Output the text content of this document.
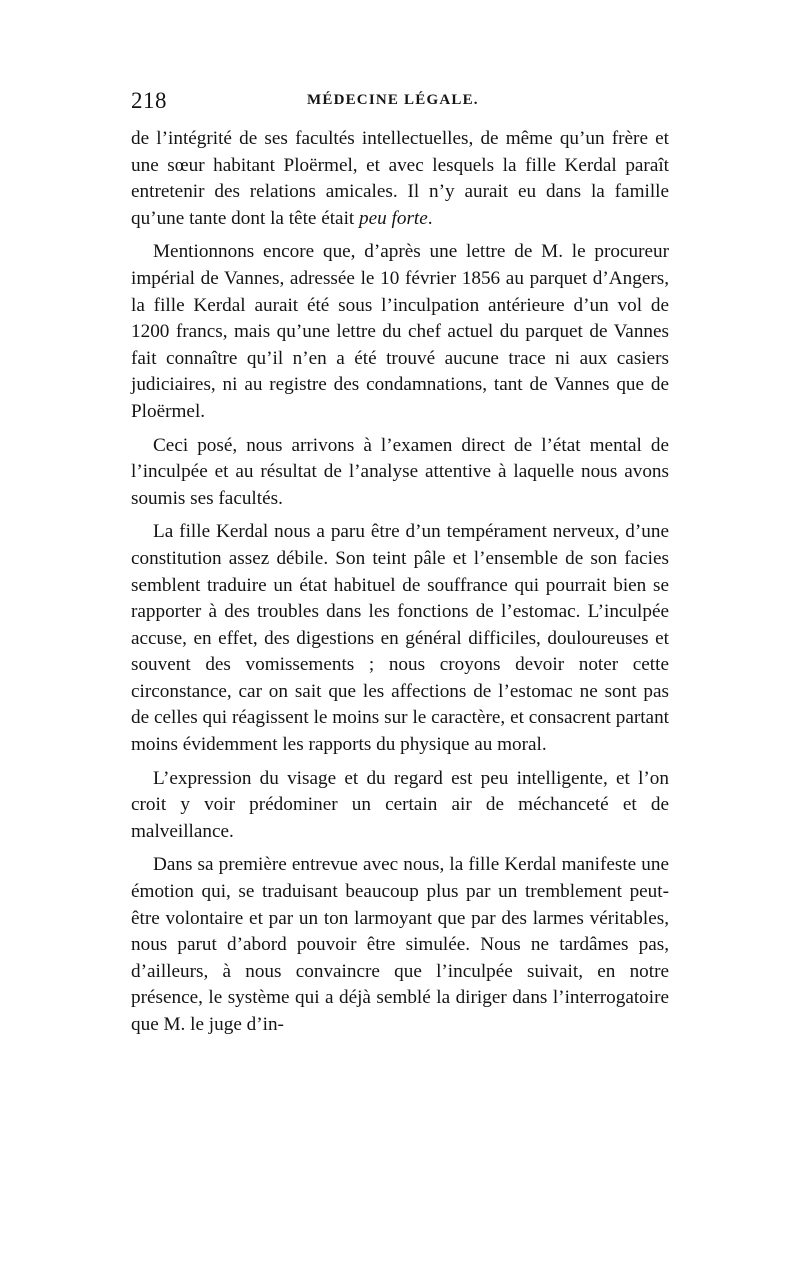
218	MÉDECINE LÉGALE.

de l’intégrité de ses facultés intellectuelles, de même qu’un frère et une sœur habitant Ploërmel, et avec lesquels la fille Kerdal paraît entretenir des relations amicales. Il n’y aurait eu dans la famille qu’une tante dont la tête était peu forte.

Mentionnons encore que, d’après une lettre de M. le procureur impérial de Vannes, adressée le 10 février 1856 au parquet d’Angers, la fille Kerdal aurait été sous l’inculpation antérieure d’un vol de 1200 francs, mais qu’une lettre du chef actuel du parquet de Vannes fait connaître qu’il n’en a été trouvé aucune trace ni aux casiers judiciaires, ni au registre des condamnations, tant de Vannes que de Ploërmel.

Ceci posé, nous arrivons à l’examen direct de l’état mental de l’inculpée et au résultat de l’analyse attentive à laquelle nous avons soumis ses facultés.

La fille Kerdal nous a paru être d’un tempérament nerveux, d’une constitution assez débile. Son teint pâle et l’ensemble de son facies semblent traduire un état habituel de souffrance qui pourrait bien se rapporter à des troubles dans les fonctions de l’estomac. L’inculpée accuse, en effet, des digestions en général difficiles, douloureuses et souvent des vomissements ; nous croyons devoir noter cette circonstance, car on sait que les affections de l’estomac ne sont pas de celles qui réagissent le moins sur le caractère, et consacrent partant moins évidemment les rapports du physique au moral.

L’expression du visage et du regard est peu intelligente, et l’on croit y voir prédominer un certain air de méchanceté et de malveillance.

Dans sa première entrevue avec nous, la fille Kerdal manifeste une émotion qui, se traduisant beaucoup plus par un tremblement peut-être volontaire et par un ton larmoyant que par des larmes véritables, nous parut d’abord pouvoir être simulée. Nous ne tardâmes pas, d’ailleurs, à nous convaincre que l’inculpée suivait, en notre présence, le système qui a déjà semblé la diriger dans l’interrogatoire que M. le juge d’in-
